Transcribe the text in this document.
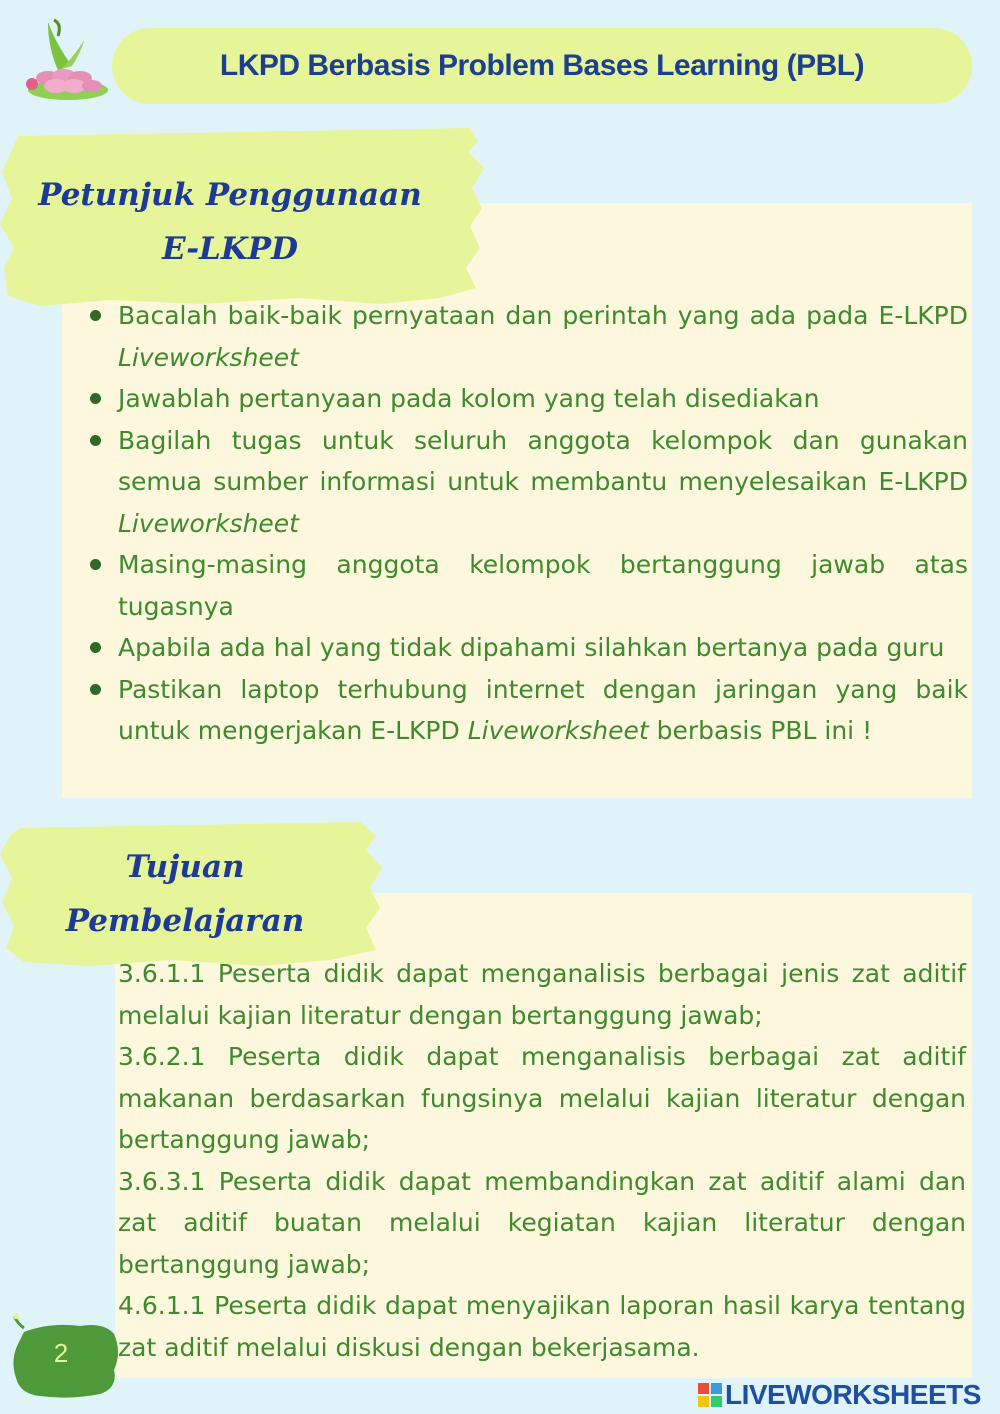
LKPD Berbasis Problem Bases Learning (PBL)
Petunjuk Penggunaan
E-LKPD
Bacalah baik-baik pernyataan dan perintah yang ada pada E-LKPD Liveworksheet
Jawablah pertanyaan pada kolom yang telah disediakan
Bagilah tugas untuk seluruh anggota kelompok dan gunakan semua sumber informasi untuk membantu menyelesaikan E-LKPD Liveworksheet
Masing-masing anggota kelompok bertanggung jawab atas tugasnya
Apabila ada hal yang tidak dipahami silahkan bertanya pada guru
Pastikan laptop terhubung internet dengan jaringan yang baik untuk mengerjakan E-LKPD Liveworksheet berbasis PBL ini !
Tujuan
Pembelajaran
3.6.1.1 Peserta didik dapat menganalisis berbagai jenis zat aditif melalui kajian literatur dengan bertanggung jawab;
3.6.2.1 Peserta didik dapat menganalisis berbagai zat aditif makanan berdasarkan fungsinya melalui kajian literatur dengan bertanggung jawab;
3.6.3.1 Peserta didik dapat membandingkan zat aditif alami dan zat aditif buatan melalui kegiatan kajian literatur dengan bertanggung jawab;
4.6.1.1 Peserta didik dapat menyajikan laporan hasil karya tentang zat aditif melalui diskusi dengan bekerjasama.
2
LIVEWORKSHEETS
